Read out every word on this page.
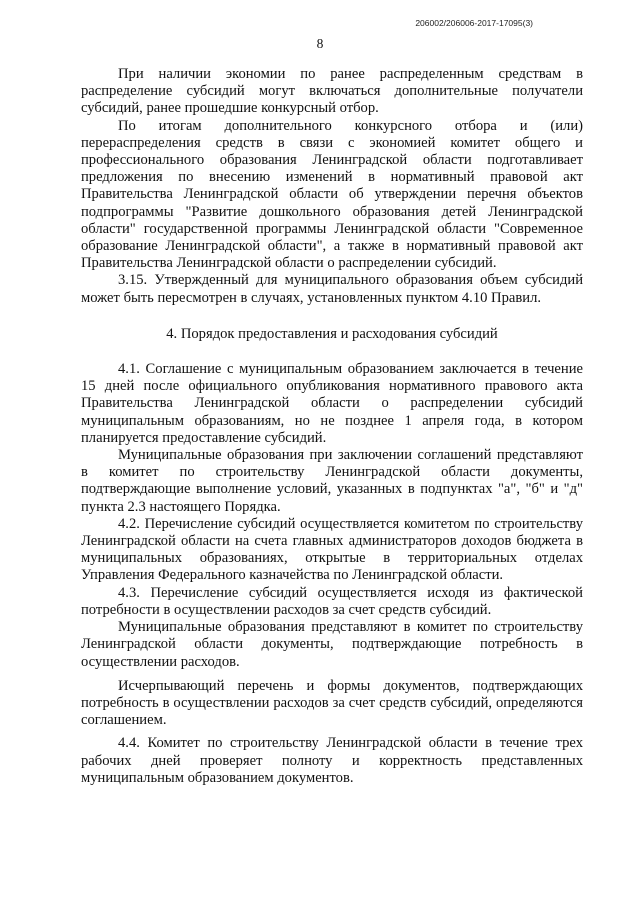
206002/206006-2017-17095(3)
8

При наличии экономии по ранее распределенным средствам в распределение субсидий могут включаться дополнительные получатели субсидий, ранее прошедшие конкурсный отбор.

По итогам дополнительного конкурсного отбора и (или) перераспределения средств в связи с экономией комитет общего и профессионального образования Ленинградской области подготавливает предложения по внесению изменений в нормативный правовой акт Правительства Ленинградской области об утверждении перечня объектов подпрограммы "Развитие дошкольного образования детей Ленинградской области" государственной программы Ленинградской области "Современное образование Ленинградской области", а также в нормативный правовой акт Правительства Ленинградской области о распределении субсидий.

3.15. Утвержденный для муниципального образования объем субсидий может быть пересмотрен в случаях, установленных пунктом 4.10 Правил.

4. Порядок предоставления и расходования субсидий

4.1. Соглашение с муниципальным образованием заключается в течение 15 дней после официального опубликования нормативного правового акта Правительства Ленинградской области о распределении субсидий муниципальным образованиям, но не позднее 1 апреля года, в котором планируется предоставление субсидий.

Муниципальные образования при заключении соглашений представляют в комитет по строительству Ленинградской области документы, подтверждающие выполнение условий, указанных в подпунктах "а", "б" и "д" пункта 2.3 настоящего Порядка.

4.2. Перечисление субсидий осуществляется комитетом по строительству Ленинградской области на счета главных администраторов доходов бюджета в муниципальных образованиях, открытые в территориальных отделах Управления Федерального казначейства по Ленинградской области.

4.3. Перечисление субсидий осуществляется исходя из фактической потребности в осуществлении расходов за счет средств субсидий.

Муниципальные образования представляют в комитет по строительству Ленинградской области документы, подтверждающие потребность в осуществлении расходов.

Исчерпывающий перечень и формы документов, подтверждающих потребность в осуществлении расходов за счет средств субсидий, определяются соглашением.

4.4. Комитет по строительству Ленинградской области в течение трех рабочих дней проверяет полноту и корректность представленных муниципальным образованием документов.
